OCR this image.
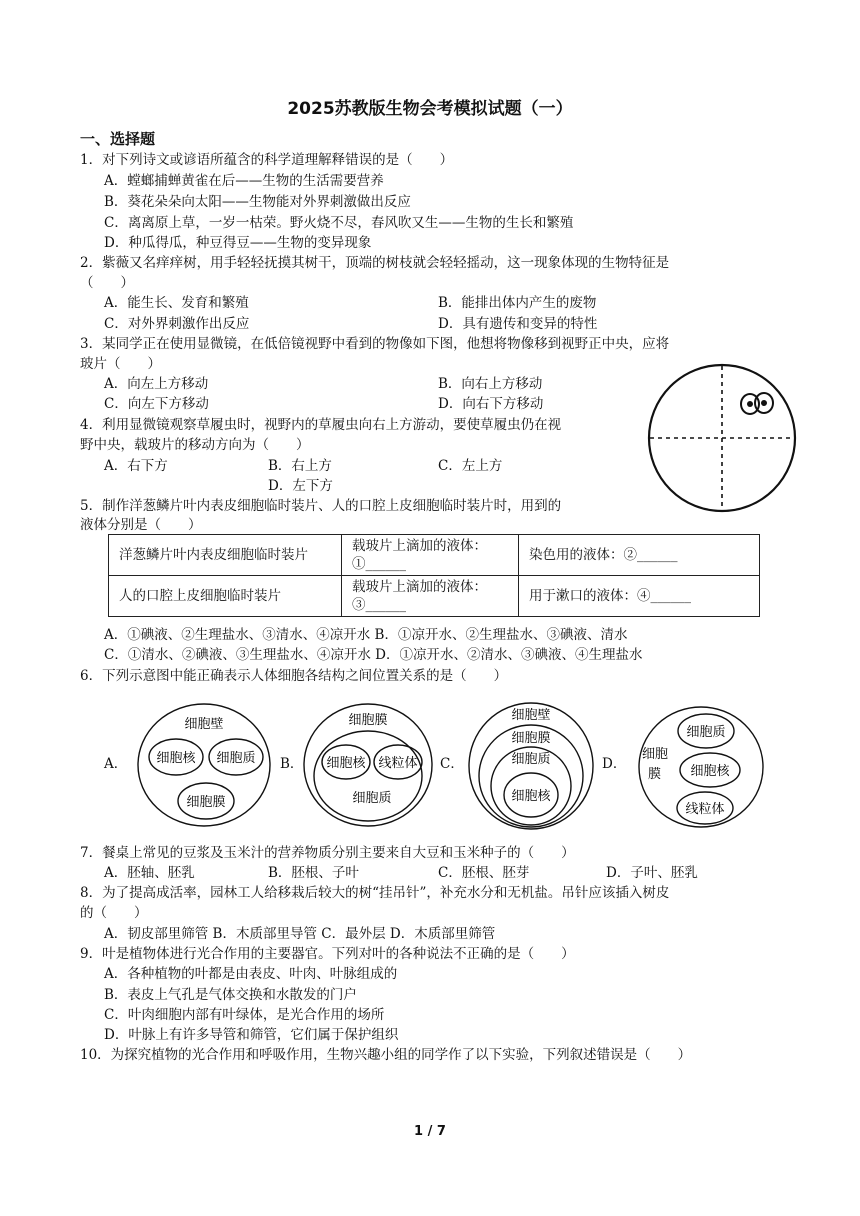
2025苏教版生物会考模拟试题（一）
一、选择题
1．对下列诗文或谚语所蕴含的科学道理解释错误的是（　　）
A．螳螂捕蝉黄雀在后——生物的生活需要营养
B．葵花朵朵向太阳——生物能对外界刺激做出反应
C．离离原上草，一岁一枯荣。野火烧不尽，春风吹又生——生物的生长和繁殖
D．种瓜得瓜，种豆得豆——生物的变异现象
2．紫薇又名痒痒树，用手轻轻抚摸其树干，顶端的树枝就会轻轻摇动，这一现象体现的生物特征是
（　　）
A．能生长、发育和繁殖	B．能排出体内产生的废物
C．对外界刺激作出反应	D．具有遗传和变异的特性
3．某同学正在使用显微镜，在低倍镜视野中看到的物像如下图，他想将物像移到视野正中央，应将
玻片（　　）
A．向左上方移动	B．向右上方移动
C．向左下方移动	D．向右下方移动
4．利用显微镜观察草履虫时，视野内的草履虫向右上方游动，要使草履虫仍在视
野中央，载玻片的移动方向为（　　）
A．右下方	B．右上方	C．左上方
D．左下方
5．制作洋葱鳞片叶内表皮细胞临时装片、人的口腔上皮细胞临时装片时，用到的
液体分别是（　　）
洋葱鳞片叶内表皮细胞临时装片	载玻片上滴加的液体：①______	染色用的液体：②______
人的口腔上皮细胞临时装片	载玻片上滴加的液体：③______	用于漱口的液体：④______
A．①碘液、②生理盐水、③清水、④凉开水 B．①凉开水、②生理盐水、③碘液、清水
C．①清水、②碘液、③生理盐水、④凉开水 D．①凉开水、②清水、③碘液、④生理盐水
6．下列示意图中能正确表示人体细胞各结构之间位置关系的是（　　）
A．	B．	C．	D．
细胞壁
细胞核 细胞质
细胞膜
细胞膜
细胞核 线粒体
细胞质
细胞壁
细胞膜
细胞质
细胞核
细胞
膜
细胞质
细胞核
线粒体
7．餐桌上常见的豆浆及玉米汁的营养物质分别主要来自大豆和玉米种子的（　　）
A．胚轴、胚乳	B．胚根、子叶	C．胚根、胚芽	D．子叶、胚乳
8．为了提高成活率，园林工人给移栽后较大的树“挂吊针”，补充水分和无机盐。吊针应该插入树皮
的（　　）
A．韧皮部里筛管 B．木质部里导管 C．最外层 D．木质部里筛管
9．叶是植物体进行光合作用的主要器官。下列对叶的各种说法不正确的是（　　）
A．各种植物的叶都是由表皮、叶肉、叶脉组成的
B．表皮上气孔是气体交换和水散发的门户
C．叶肉细胞内部有叶绿体，是光合作用的场所
D．叶脉上有许多导管和筛管，它们属于保护组织
10．为探究植物的光合作用和呼吸作用，生物兴趣小组的同学作了以下实验，下列叙述错误是（　　）
1 / 7
